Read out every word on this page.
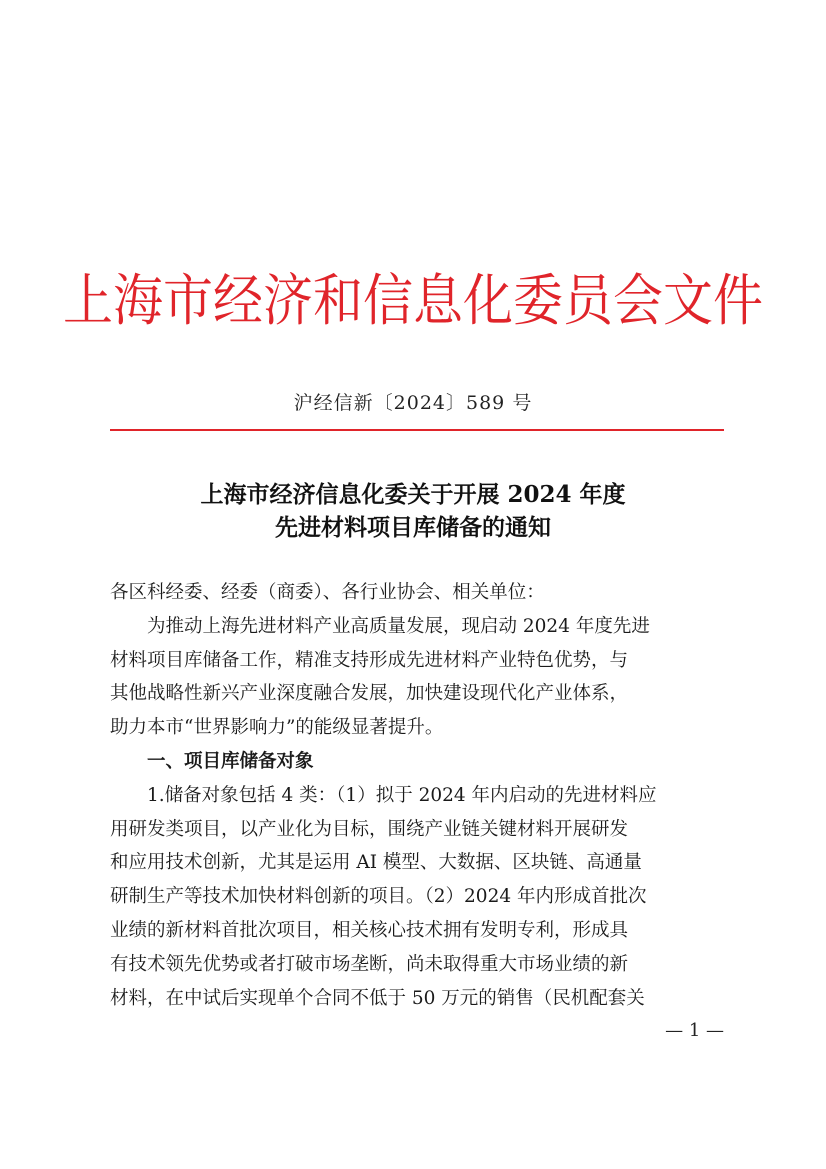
上海市经济和信息化委员会文件
沪经信新〔2024〕589 号
上海市经济信息化委关于开展 2024 年度
先进材料项目库储备的通知

各区科经委、经委（商委）、各行业协会、相关单位：

为推动上海先进材料产业高质量发展，现启动 2024 年度先进
材料项目库储备工作，精准支持形成先进材料产业特色优势，与
其他战略性新兴产业深度融合发展，加快建设现代化产业体系，
助力本市“世界影响力”的能级显著提升。

一、项目库储备对象

1.储备对象包括 4 类：（1）拟于 2024 年内启动的先进材料应
用研发类项目，以产业化为目标，围绕产业链关键材料开展研发
和应用技术创新，尤其是运用 AI 模型、大数据、区块链、高通量
研制生产等技术加快材料创新的项目。（2）2024 年内形成首批次
业绩的新材料首批次项目，相关核心技术拥有发明专利，形成具
有技术领先优势或者打破市场垄断，尚未取得重大市场业绩的新
材料，在中试后实现单个合同不低于 50 万元的销售（民机配套关

— 1 —
